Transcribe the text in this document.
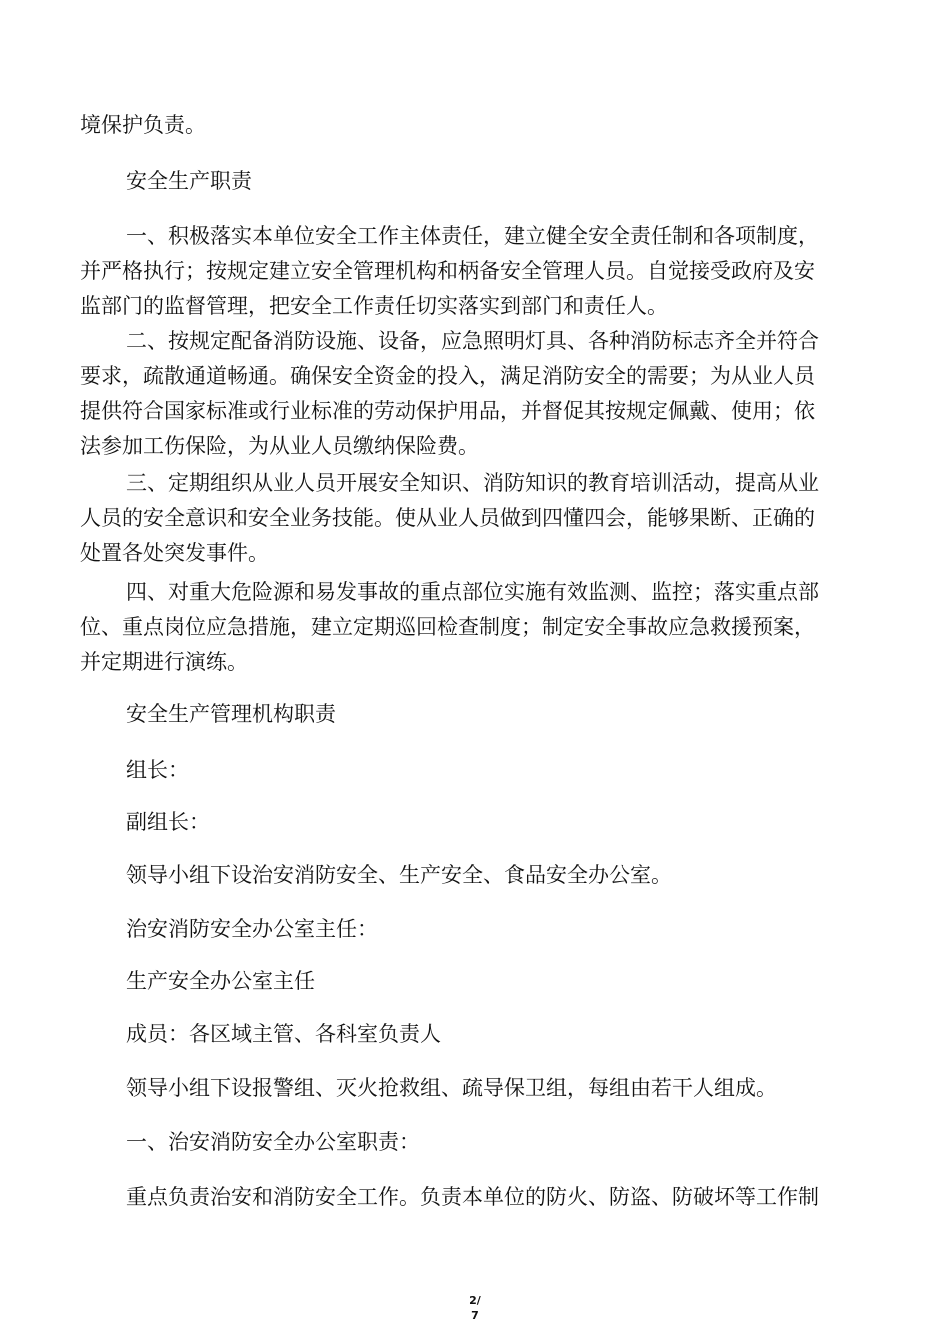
境保护负责。

安全生产职责

一、积极落实本单位安全工作主体责任，建立健全安全责任制和各项制度，
并严格执行；按规定建立安全管理机构和柄备安全管理人员。自觉接受政府及安
监部门的监督管理，把安全工作责任切实落实到部门和责任人。

二、按规定配备消防设施、设备，应急照明灯具、各种消防标志齐全并符合
要求，疏散通道畅通。确保安全资金的投入，满足消防安全的需要；为从业人员
提供符合国家标准或行业标准的劳动保护用品，并督促其按规定佩戴、使用；依
法参加工伤保险，为从业人员缴纳保险费。

三、定期组织从业人员开展安全知识、消防知识的教育培训活动，提高从业
人员的安全意识和安全业务技能。使从业人员做到四懂四会，能够果断、正确的
处置各处突发事件。

四、对重大危险源和易发事故的重点部位实施有效监测、监控；落实重点部
位、重点岗位应急措施，建立定期巡回检查制度；制定安全事故应急救援预案，
并定期进行演练。

安全生产管理机构职责

组长：

副组长：

领导小组下设治安消防安全、生产安全、食品安全办公室。

治安消防安全办公室主任：

生产安全办公室主任

成员：各区域主管、各科室负责人

领导小组下设报警组、灭火抢救组、疏导保卫组，每组由若干人组成。

一、治安消防安全办公室职责：

重点负责治安和消防安全工作。负责本单位的防火、防盗、防破坏等工作制

2/
7
